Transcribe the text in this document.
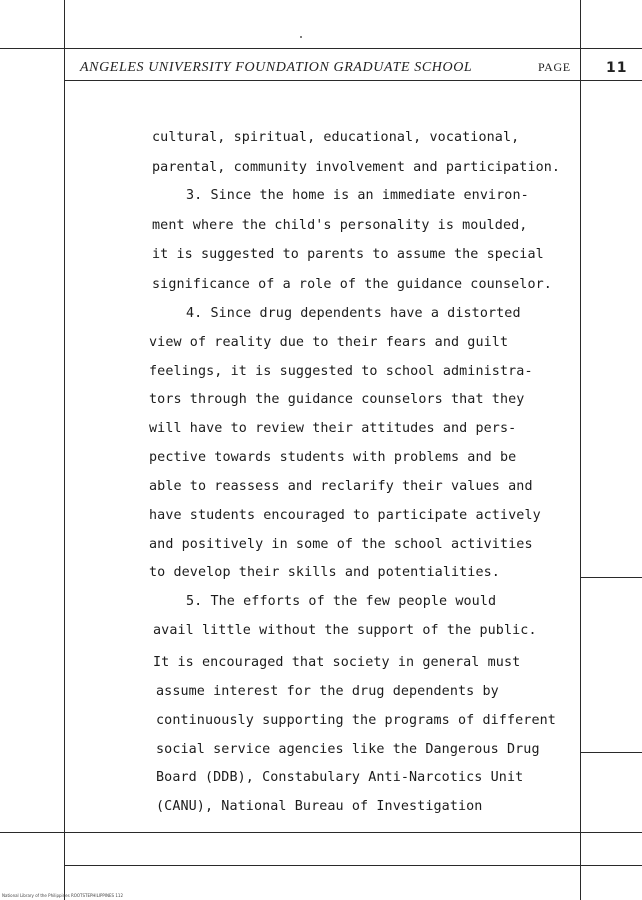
ANGELES UNIVERSITY FOUNDATION GRADUATE SCHOOL	PAGE	11
cultural, spiritual, educational, vocational,
parental, community involvement and participation.
3. Since the home is an immediate environ-
ment where the child's personality is moulded,
it is suggested to parents to assume the special
significance of a role of the guidance counselor.
4. Since drug dependents have a distorted
view of reality due to their fears and guilt
feelings, it is suggested to school administra-
tors through the guidance counselors that they
will have to review their attitudes and pers-
pective towards students with problems and be
able to reassess and reclarify their values and
have students encouraged to participate actively
and positively in some of the school activities
to develop their skills and potentialities.
5. The efforts of the few people would
avail little without the support of the public.
It is encouraged that society in general must
assume interest for the drug dependents by
continuously supporting the programs of different
social service agencies like the Dangerous Drug
Board (DDB), Constabulary Anti-Narcotics Unit
(CANU), National Bureau of Investigation
National Library of the Philippines ROOTSTEPHILIPPINES 112
